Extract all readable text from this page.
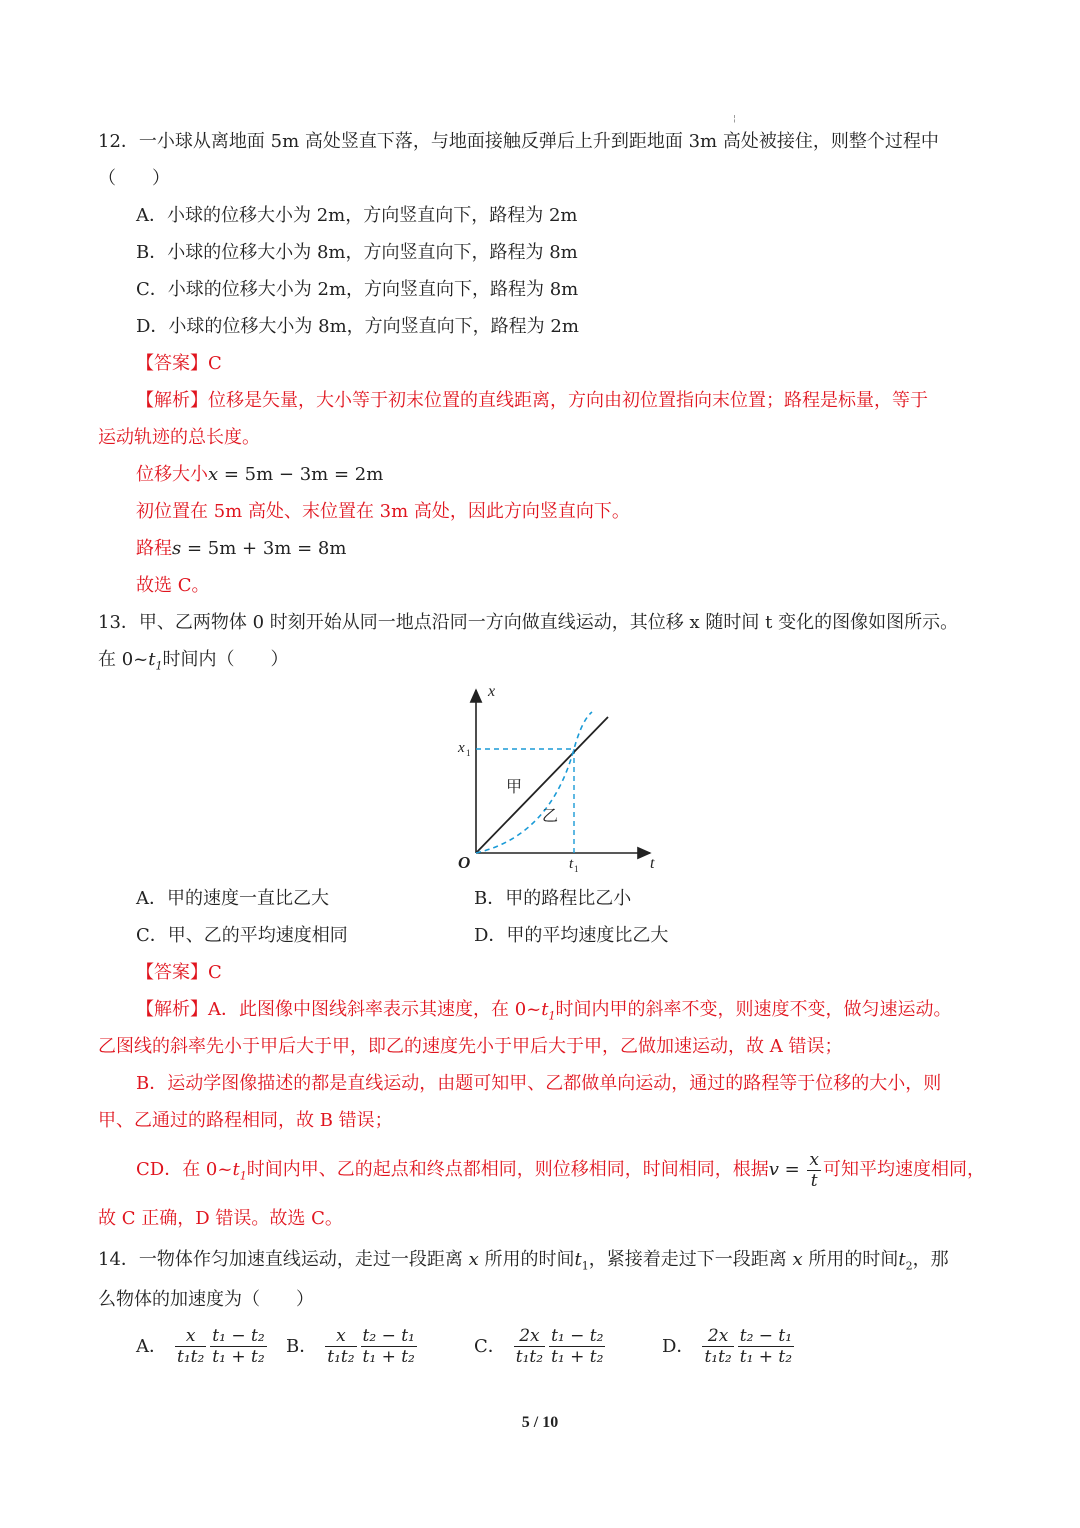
¦
12．一小球从离地面 5m 高处竖直下落，与地面接触反弹后上升到距地面 3m 高处被接住，则整个过程中
（　　）
A．小球的位移大小为 2m，方向竖直向下，路程为 2m
B．小球的位移大小为 8m，方向竖直向下，路程为 8m
C．小球的位移大小为 2m，方向竖直向下，路程为 8m
D．小球的位移大小为 8m，方向竖直向下，路程为 2m
【答案】C
【解析】位移是矢量，大小等于初末位置的直线距离，方向由初位置指向末位置；路程是标量，等于
运动轨迹的总长度。
位移大小x = 5m − 3m = 2m
初位置在 5m 高处、末位置在 3m 高处，因此方向竖直向下。
路程s = 5m + 3m = 8m
故选 C。
13．甲、乙两物体 0 时刻开始从同一地点沿同一方向做直线运动，其位移 x 随时间 t 变化的图像如图所示。
在 $0\sim t_1$时间内（　　）
x
t
O
x 1
t 1
甲
乙
A．甲的速度一直比乙大	B．甲的路程比乙小
C．甲、乙的平均速度相同	D．甲的平均速度比乙大
【答案】C
【解析】A．此图像中图线斜率表示其速度，在 $0\sim t_1$时间内甲的斜率不变，则速度不变，做匀速运动。
乙图线的斜率先小于甲后大于甲，即乙的速度先小于甲后大于甲，乙做加速运动，故 A 错误；
B．运动学图像描述的都是直线运动，由题可知甲、乙都做单向运动，通过的路程等于位移的大小，则
甲、乙通过的路程相同，故 B 错误；
CD．在 $0\sim t_1$时间内甲、乙的起点和终点都相同，则位移相同，时间相同，根据$v = \frac{x}{t}$ 可知平均速度相同，
故 C 正确，D 错误。故选 C。
14．一物体作匀加速直线运动，走过一段距离 x 所用的时间$t_1$，紧接着走过下一段距离 x 所用的时间$t_2$，那
么物体的加速度为（　　）
A． $\frac{x}{\text{t₁t₂}} \frac{\text{t₁ − t₂}}{\text{t₁ + t₂}}$ B． $\frac{x}{\text{t₁t₂}} \frac{\text{t₂ − t₁}}{\text{t₁ + t₂}}$	C． $\frac{2x}{\text{t₁t₂}} \frac{\text{t₁ − t₂}}{\text{t₁ + t₂}}$	D． $\frac{2x}{\text{t₁t₂}} \frac{\text{t₂ − t₁}}{\text{t₁ + t₂}}$
5 / 10
